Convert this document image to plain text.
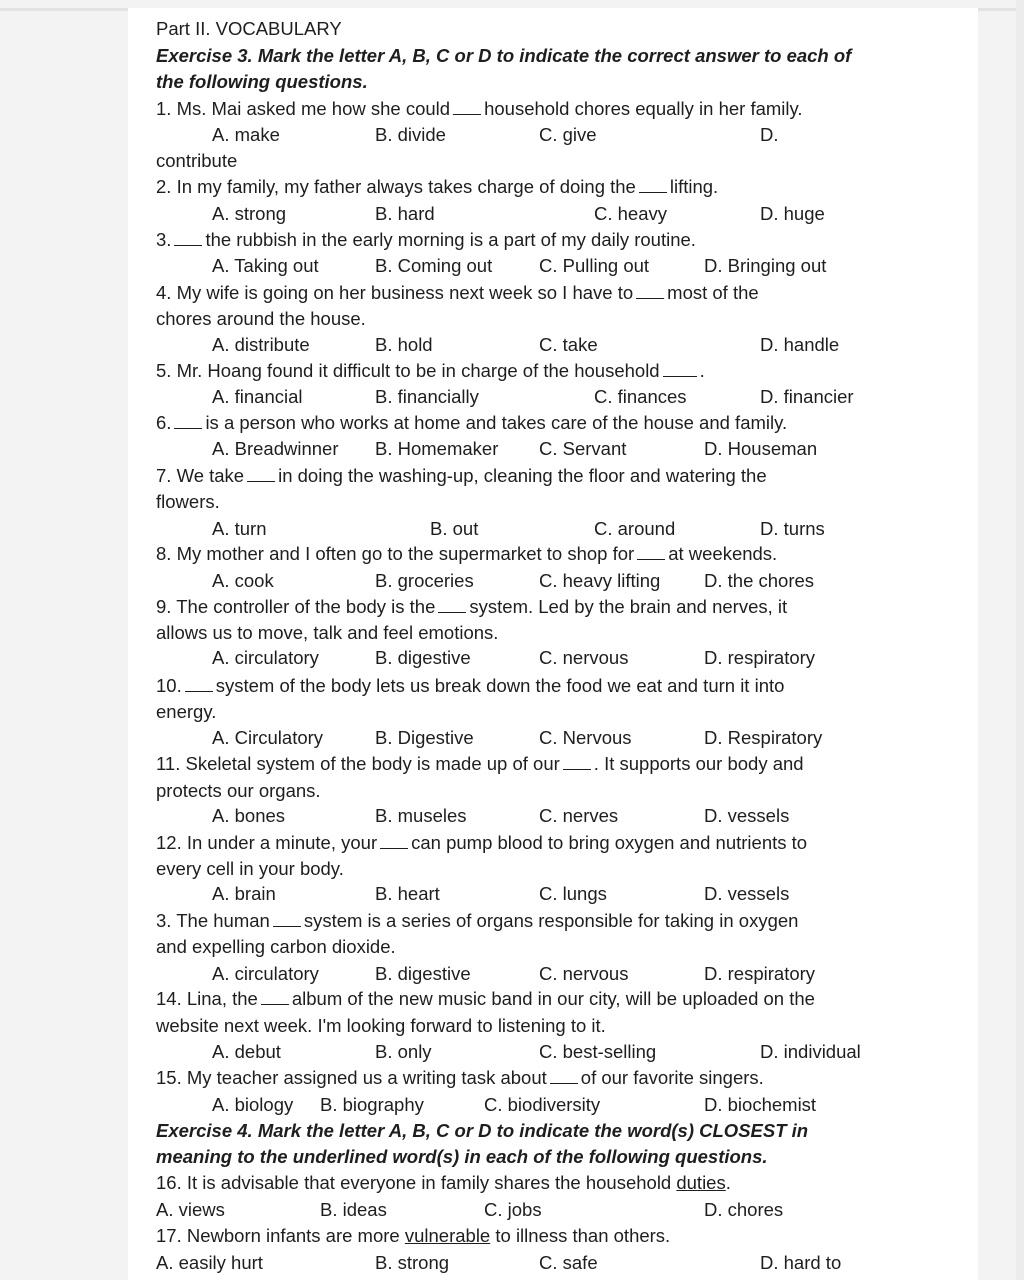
Part II. VOCABULARY
Exercise 3. Mark the letter A, B, C or D to indicate the correct answer to each of
the following questions.
1. Ms. Mai asked me how she could household chores equally in her family.
A. make	B. divide	C. give	D.
contribute
2. In my family, my father always takes charge of doing the lifting.
A. strong	B. hard	C. heavy	D. huge
3. the rubbish in the early morning is a part of my daily routine.
A. Taking out	B. Coming out	C. Pulling out	D. Bringing out
4. My wife is going on her business next week so I have to most of the
chores around the house.
A. distribute	B. hold	C. take	D. handle
5. Mr. Hoang found it difficult to be in charge of the household .
A. financial	B. financially	C. finances	D. financier
6. is a person who works at home and takes care of the house and family.
A. Breadwinner B. Homemaker C. Servant	D. Houseman
7. We take in doing the washing-up, cleaning the floor and watering the
flowers.
A. turn	B. out	C. around	D. turns
8. My mother and I often go to the supermarket to shop for at weekends.
A. cook	B. groceries	C. heavy lifting D. the chores
9. The controller of the body is the system. Led by the brain and nerves, it
allows us to move, talk and feel emotions.
A. circulatory	B. digestive	C. nervous	D. respiratory
10. system of the body lets us break down the food we eat and turn it into
energy.
A. Circulatory	B. Digestive	C. Nervous	D. Respiratory
11. Skeletal system of the body is made up of our . It supports our body and
protects our organs.
A. bones	B. museles	C. nerves	D. vessels
12. In under a minute, your can pump blood to bring oxygen and nutrients to
every cell in your body.
A. brain	B. heart	C. lungs	D. vessels
3. The human system is a series of organs responsible for taking in oxygen
and expelling carbon dioxide.
A. circulatory	B. digestive	C. nervous	D. respiratory
14. Lina, the album of the new music band in our city, will be uploaded on the
website next week. I'm looking forward to listening to it.
A. debut	B. only	C. best-selling	D. individual
15. My teacher assigned us a writing task about of our favorite singers.
A. biology B. biography	C. biodiversity	D. biochemist
Exercise 4. Mark the letter A, B, C or D to indicate the word(s) CLOSEST in
meaning to the underlined word(s) in each of the following questions.
16. It is advisable that everyone in family shares the household duties.
A. views	B. ideas	C. jobs	D. chores
17. Newborn infants are more vulnerable to illness than others.
A. easily hurt	B. strong	C. safe	D. hard to
